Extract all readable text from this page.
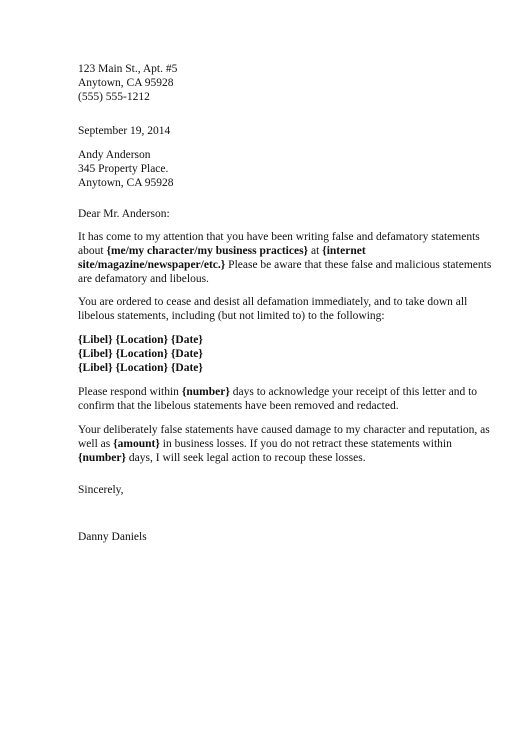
123 Main St., Apt. #5
Anytown, CA 95928
(555) 555-1212
September 19, 2014
Andy Anderson
345 Property Place.
Anytown, CA 95928
Dear Mr. Anderson:
It has come to my attention that you have been writing false and defamatory statements
about {me/my character/my business practices} at {internet
site/magazine/newspaper/etc.} Please be aware that these false and malicious statements
are defamatory and libelous.
You are ordered to cease and desist all defamation immediately, and to take down all
libelous statements, including (but not limited to) to the following:
{Libel} {Location} {Date}
{Libel} {Location} {Date}
{Libel} {Location} {Date}
Please respond within {number} days to acknowledge your receipt of this letter and to
confirm that the libelous statements have been removed and redacted.
Your deliberately false statements have caused damage to my character and reputation, as
well as {amount} in business losses. If you do not retract these statements within
{number} days, I will seek legal action to recoup these losses.
Sincerely,
Danny Daniels
